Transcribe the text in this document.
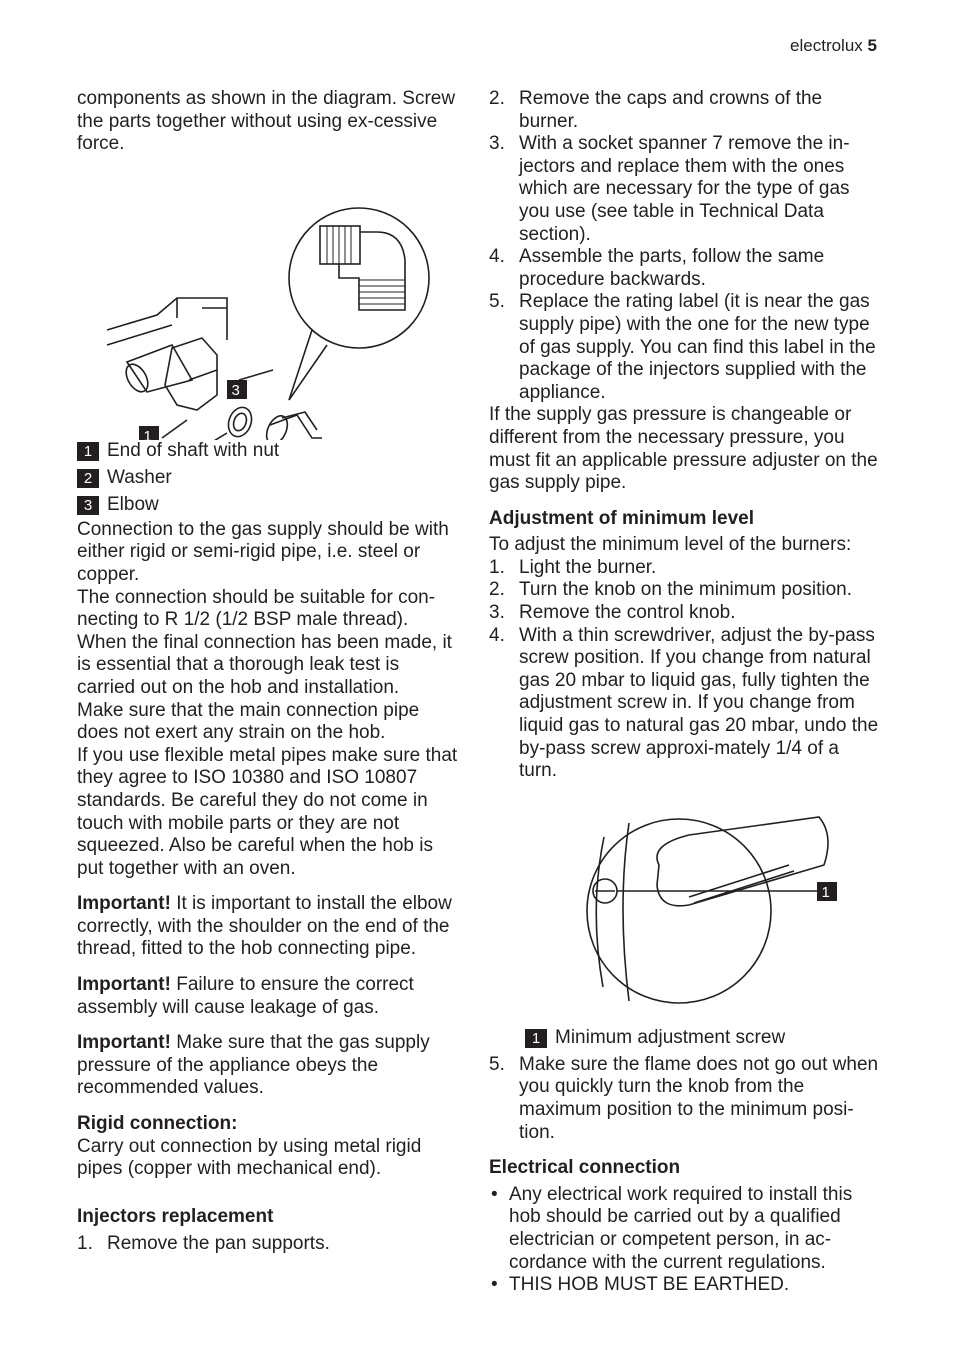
electrolux 5

components as shown in the diagram. Screw the parts together without using ex-cessive force.

1
1 End of shaft with nut
2 Washer
3 Elbow

Connection to the gas supply should be with either rigid or semi-rigid pipe, i.e. steel or copper.

The connection should be suitable for con-necting to R 1/2 (1/2 BSP male thread).

When the final connection has been made, it is essential that a thorough leak test is carried out on the hob and installation.

Make sure that the main connection pipe does not exert any strain on the hob.

If you use flexible metal pipes make sure that they agree to ISO 10380 and ISO 10807 standards. Be careful they do not come in touch with mobile parts or they are not squeezed. Also be careful when the hob is put together with an oven.

Important! It is important to install the elbow correctly, with the shoulder on the end of the thread, fitted to the hob connecting pipe.

Important! Failure to ensure the correct assembly will cause leakage of gas.

Important! Make sure that the gas supply pressure of the appliance obeys the recommended values.

Rigid connection:

Carry out connection by using metal rigid pipes (copper with mechanical end).

Injectors replacement
1. Remove the pan supports.
3
2. Remove the caps and crowns of the burner.
3. With a socket spanner 7 remove the in-jectors and replace them with the ones which are necessary for the type of gas you use (see table in Technical Data section).
4. Assemble the parts, follow the same procedure backwards.
5. Replace the rating label (it is near the gas supply pipe) with the one for the new type of gas supply. You can find this label in the package of the injectors supplied with the appliance.

If the supply gas pressure is changeable or different from the necessary pressure, you must fit an applicable pressure adjuster on the gas supply pipe.

Adjustment of minimum level

To adjust the minimum level of the burners:

1. Light the burner.
2. Turn the knob on the minimum position.
3. Remove the control knob.
4. With a thin screwdriver, adjust the by-pass screw position. If you change from natural gas 20 mbar to liquid gas, fully tighten the adjustment screw in. If you change from liquid gas to natural gas 20 mbar, undo the by-pass screw approxi-mately 1/4 of a turn.
1
1 Minimum adjustment screw
5. Make sure the flame does not go out when you quickly turn the knob from the maximum position to the minimum posi-tion.
Electrical connection
• Any electrical work required to install this hob should be carried out by a qualified electrician or competent person, in ac-cordance with the current regulations.
• THIS HOB MUST BE EARTHED.
